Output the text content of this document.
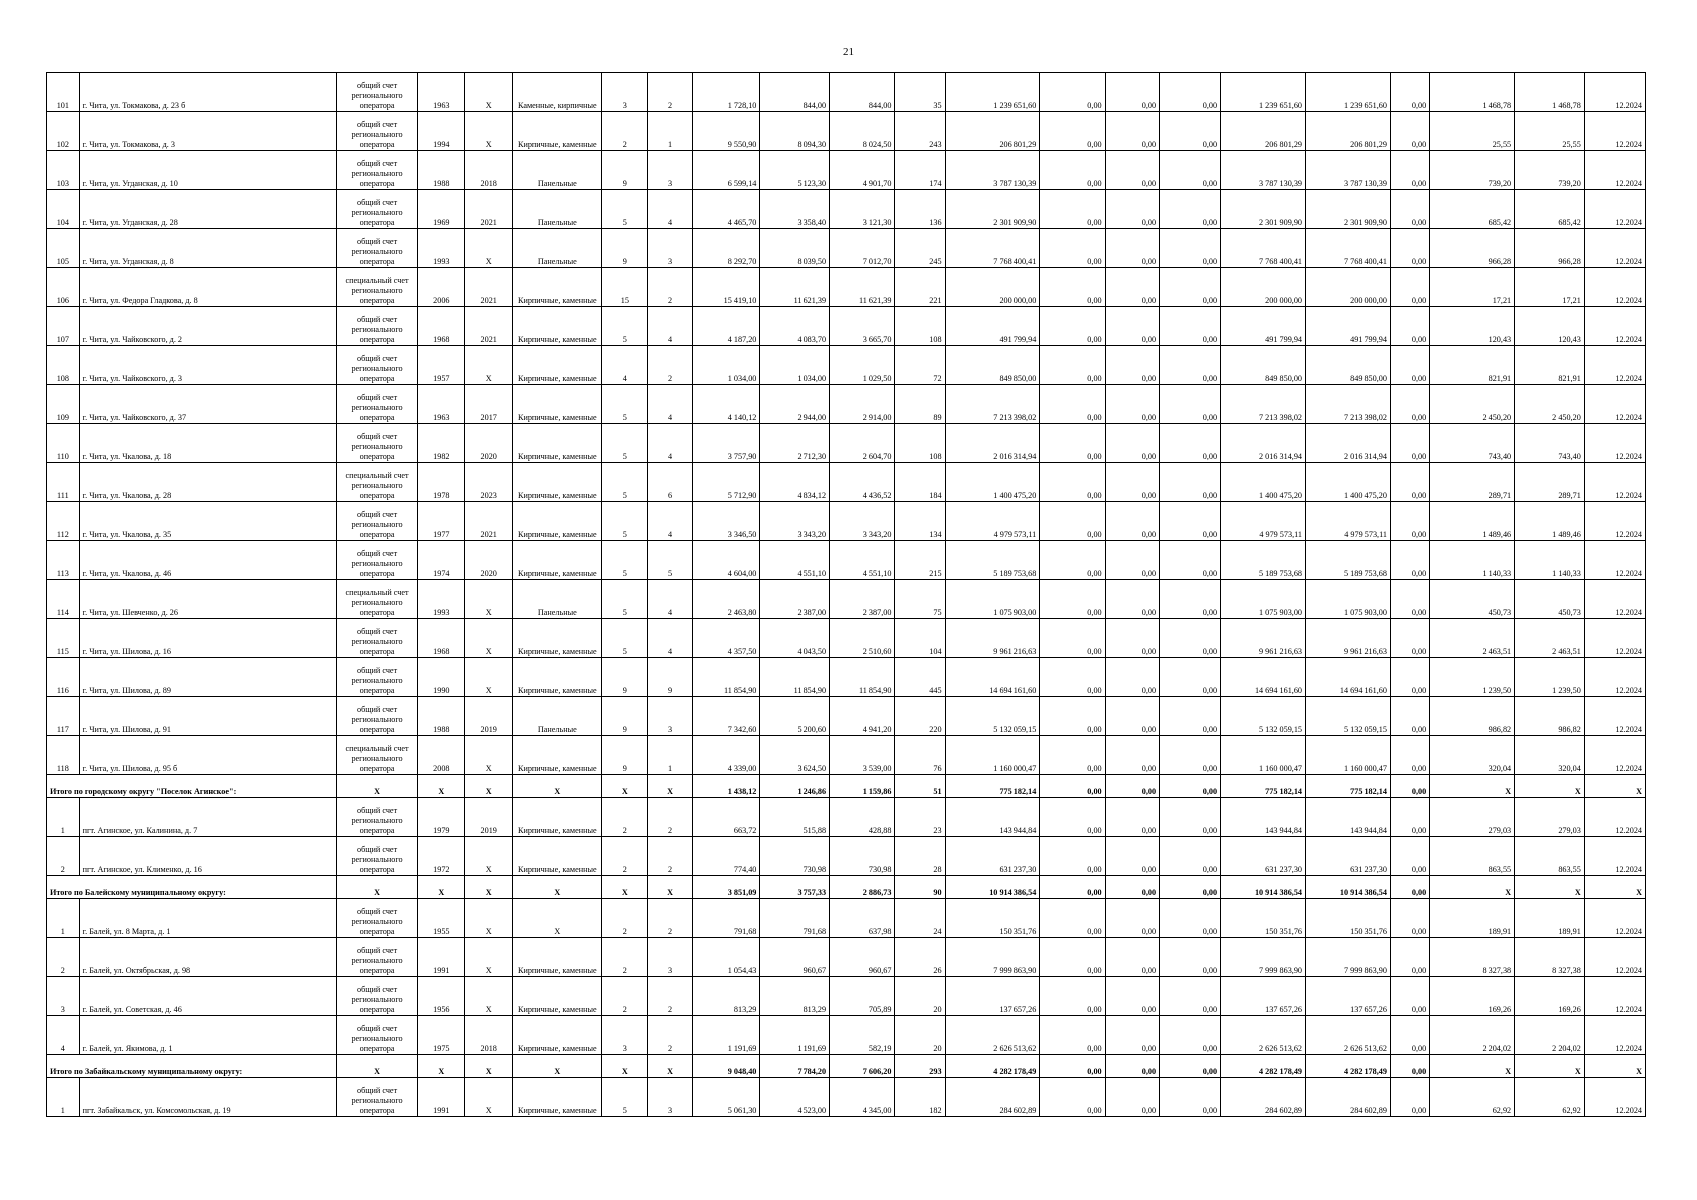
21
101	г. Чита, ул. Токмакова, д. 23 б	общий счет регионального оператора	1963	X	Каменные, кирпичные	3	2	1 728,10	844,00	844,00	35	1 239 651,60	0,00	0,00	0,00	1 239 651,60	1 239 651,60	0,00	1 468,78	1 468,78	12.2024
102	г. Чита, ул. Токмакова, д. 3	общий счет регионального оператора	1994	X	Кирпичные, каменные	2	1	9 550,90	8 094,30	8 024,50	243	206 801,29	0,00	0,00	0,00	206 801,29	206 801,29	0,00	25,55	25,55	12.2024
103	г. Чита, ул. Угданская, д. 10	общий счет регионального оператора	1988	2018	Панельные	9	3	6 599,14	5 123,30	4 901,70	174	3 787 130,39	0,00	0,00	0,00	3 787 130,39	3 787 130,39	0,00	739,20	739,20	12.2024
104	г. Чита, ул. Угданская, д. 28	общий счет регионального оператора	1969	2021	Панельные	5	4	4 465,70	3 358,40	3 121,30	136	2 301 909,90	0,00	0,00	0,00	2 301 909,90	2 301 909,90	0,00	685,42	685,42	12.2024
105	г. Чита, ул. Угданская, д. 8	общий счет регионального оператора	1993	X	Панельные	9	3	8 292,70	8 039,50	7 012,70	245	7 768 400,41	0,00	0,00	0,00	7 768 400,41	7 768 400,41	0,00	966,28	966,28	12.2024
106	г. Чита, ул. Федора Гладкова, д. 8	специальный счет регионального оператора	2006	2021	Кирпичные, каменные	15	2	15 419,10	11 621,39	11 621,39	221	200 000,00	0,00	0,00	0,00	200 000,00	200 000,00	0,00	17,21	17,21	12.2024
107	г. Чита, ул. Чайковского, д. 2	общий счет регионального оператора	1968	2021	Кирпичные, каменные	5	4	4 187,20	4 083,70	3 665,70	108	491 799,94	0,00	0,00	0,00	491 799,94	491 799,94	0,00	120,43	120,43	12.2024
108	г. Чита, ул. Чайковского, д. 3	общий счет регионального оператора	1957	X	Кирпичные, каменные	4	2	1 034,00	1 034,00	1 029,50	72	849 850,00	0,00	0,00	0,00	849 850,00	849 850,00	0,00	821,91	821,91	12.2024
109	г. Чита, ул. Чайковского, д. 37	общий счет регионального оператора	1963	2017	Кирпичные, каменные	5	4	4 140,12	2 944,00	2 914,00	89	7 213 398,02	0,00	0,00	0,00	7 213 398,02	7 213 398,02	0,00	2 450,20	2 450,20	12.2024
110	г. Чита, ул. Чкалова, д. 18	общий счет регионального оператора	1982	2020	Кирпичные, каменные	5	4	3 757,90	2 712,30	2 604,70	108	2 016 314,94	0,00	0,00	0,00	2 016 314,94	2 016 314,94	0,00	743,40	743,40	12.2024
111	г. Чита, ул. Чкалова, д. 28	специальный счет регионального оператора	1978	2023	Кирпичные, каменные	5	6	5 712,90	4 834,12	4 436,52	184	1 400 475,20	0,00	0,00	0,00	1 400 475,20	1 400 475,20	0,00	289,71	289,71	12.2024
112	г. Чита, ул. Чкалова, д. 35	общий счет регионального оператора	1977	2021	Кирпичные, каменные	5	4	3 346,50	3 343,20	3 343,20	134	4 979 573,11	0,00	0,00	0,00	4 979 573,11	4 979 573,11	0,00	1 489,46	1 489,46	12.2024
113	г. Чита, ул. Чкалова, д. 46	общий счет регионального оператора	1974	2020	Кирпичные, каменные	5	5	4 604,00	4 551,10	4 551,10	215	5 189 753,68	0,00	0,00	0,00	5 189 753,68	5 189 753,68	0,00	1 140,33	1 140,33	12.2024
114	г. Чита, ул. Шевченко, д. 26	специальный счет регионального оператора	1993	X	Панельные	5	4	2 463,80	2 387,00	2 387,00	75	1 075 903,00	0,00	0,00	0,00	1 075 903,00	1 075 903,00	0,00	450,73	450,73	12.2024
115	г. Чита, ул. Шилова, д. 16	общий счет регионального оператора	1968	X	Кирпичные, каменные	5	4	4 357,50	4 043,50	2 510,60	104	9 961 216,63	0,00	0,00	0,00	9 961 216,63	9 961 216,63	0,00	2 463,51	2 463,51	12.2024
116	г. Чита, ул. Шилова, д. 89	общий счет регионального оператора	1990	X	Кирпичные, каменные	9	9	11 854,90	11 854,90	11 854,90	445	14 694 161,60	0,00	0,00	0,00	14 694 161,60	14 694 161,60	0,00	1 239,50	1 239,50	12.2024
117	г. Чита, ул. Шилова, д. 91	общий счет регионального оператора	1988	2019	Панельные	9	3	7 342,60	5 200,60	4 941,20	220	5 132 059,15	0,00	0,00	0,00	5 132 059,15	5 132 059,15	0,00	986,82	986,82	12.2024
118	г. Чита, ул. Шилова, д. 95 б	специальный счет регионального оператора	2008	X	Кирпичные, каменные	9	1	4 339,00	3 624,50	3 539,00	76	1 160 000,47	0,00	0,00	0,00	1 160 000,47	1 160 000,47	0,00	320,04	320,04	12.2024
Итого по городскому округу "Поселок Агинское":		X	X	X	X	X	X	1 438,12	1 246,86	1 159,86	51	775 182,14	0,00	0,00	0,00	775 182,14	775 182,14	0,00	X	X	X
1	пгт. Агинское, ул. Калинина, д. 7	общий счет регионального оператора	1979	2019	Кирпичные, каменные	2	2	663,72	515,88	428,88	23	143 944,84	0,00	0,00	0,00	143 944,84	143 944,84	0,00	279,03	279,03	12.2024
2	пгт. Агинское, ул. Клименко, д. 16	общий счет регионального оператора	1972	X	Кирпичные, каменные	2	2	774,40	730,98	730,98	28	631 237,30	0,00	0,00	0,00	631 237,30	631 237,30	0,00	863,55	863,55	12.2024
Итого по Балейскому муниципальному округу:		X	X	X	X	X	X	3 851,09	3 757,33	2 886,73	90	10 914 386,54	0,00	0,00	0,00	10 914 386,54	10 914 386,54	0,00	X	X	X
1	г. Балей, ул. 8 Марта, д. 1	общий счет регионального оператора	1955	X	X	2	2	791,68	791,68	637,98	24	150 351,76	0,00	0,00	0,00	150 351,76	150 351,76	0,00	189,91	189,91	12.2024
2	г. Балей, ул. Октябрьская, д. 98	общий счет регионального оператора	1991	X	Кирпичные, каменные	2	3	1 054,43	960,67	960,67	26	7 999 863,90	0,00	0,00	0,00	7 999 863,90	7 999 863,90	0,00	8 327,38	8 327,38	12.2024
3	г. Балей, ул. Советская, д. 46	общий счет регионального оператора	1956	X	Кирпичные, каменные	2	2	813,29	813,29	705,89	20	137 657,26	0,00	0,00	0,00	137 657,26	137 657,26	0,00	169,26	169,26	12.2024
4	г. Балей, ул. Якимова, д. 1	общий счет регионального оператора	1975	2018	Кирпичные, каменные	3	2	1 191,69	1 191,69	582,19	20	2 626 513,62	0,00	0,00	0,00	2 626 513,62	2 626 513,62	0,00	2 204,02	2 204,02	12.2024
Итого по Забайкальскому муниципальному округу:		X	X	X	X	X	X	9 048,40	7 784,20	7 606,20	293	4 282 178,49	0,00	0,00	0,00	4 282 178,49	4 282 178,49	0,00	X	X	X
1	пгт. Забайкальск, ул. Комсомольская, д. 19	общий счет регионального оператора	1991	X	Кирпичные, каменные	5	3	5 061,30	4 523,00	4 345,00	182	284 602,89	0,00	0,00	0,00	284 602,89	284 602,89	0,00	62,92	62,92	12.2024
